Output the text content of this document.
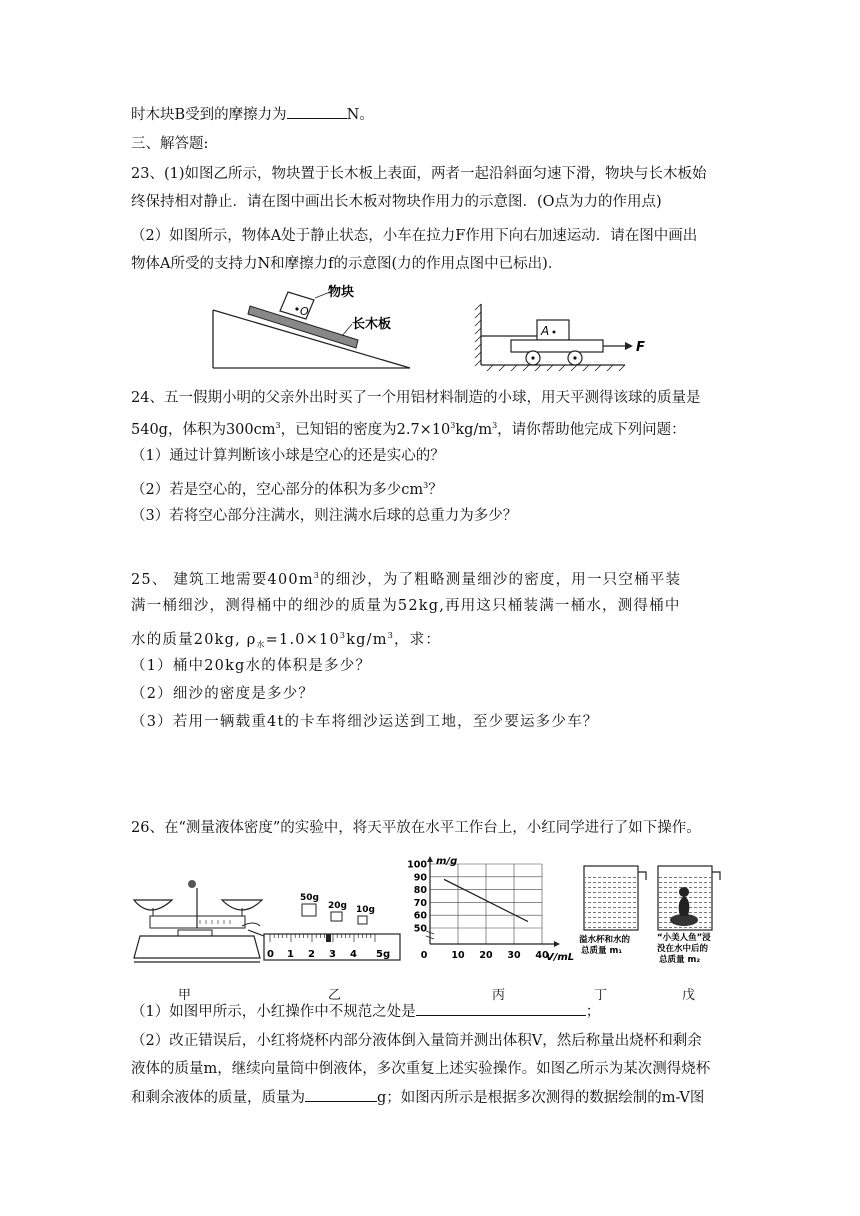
时木块B受到的摩擦力为	N。
三、解答题:
23、(1)如图乙所示，物块置于长木板上表面，两者一起沿斜面匀速下滑，物块与长木板始
终保持相对静止．请在图中画出长木板对物块作用力的示意图．(O点为力的作用点)
（2）如图所示，物体A处于静止状态，小车在拉力F作用下向右加速运动．请在图中画出
物体A所受的支持力N和摩擦力f的示意图(力的作用点图中已标出)．
O
物块
长木板	A
F
24、五一假期小明的父亲外出时买了一个用铝材料制造的小球，用天平测得该球的质量是
540g，体积为$300cm^3$，已知铝的密度为$2.7\times 10^3kg/m^3$，请你帮助他完成下列问题：
（1）通过计算判断该小球是空心的还是实心的？
（2）若是空心的，空心部分的体积为多少$cm^3$？
（3）若将空心部分注满水，则注满水后球的总重力为多少？
25、 建筑工地需要$400m^3$的细沙，为了粗略测量细沙的密度，用一只空桶平装
满一桶细沙，测得桶中的细沙的质量为52kg,再用这只桶装满一桶水，测得桶中
水的质量20kg, $\rho_水=1.0\times 10^3kg/m^3$，求：
（1）桶中20kg水的体积是多少？
（2）细沙的密度是多少？
（3）若用一辆载重4t的卡车将细沙运送到工地，至少要运多少车？
26、在“测量液体密度”的实验中，将天平放在水平工作台上，小红同学进行了如下操作。
50g
20g 10g
0 1 2 3 4 5g
50
60
70
80
90
100
0	10 20 30 40
m/g
V/mL
溢水杯和水的
总质量 m₁
“小美人鱼”浸
没在水中后的
总质量 m₂
甲	乙	丙	丁	戊
（1）如图甲所示，小红操作中不规范之处是	；
（2）改正错误后，小红将烧杯内部分液体倒入量筒并测出体积V，然后称量出烧杯和剩余
液体的质量m，继续向量筒中倒液体，多次重复上述实验操作。如图乙所示为某次测得烧杯
和剩余液体的质量，质量为	g；如图丙所示是根据多次测得的数据绘制的m-V图
